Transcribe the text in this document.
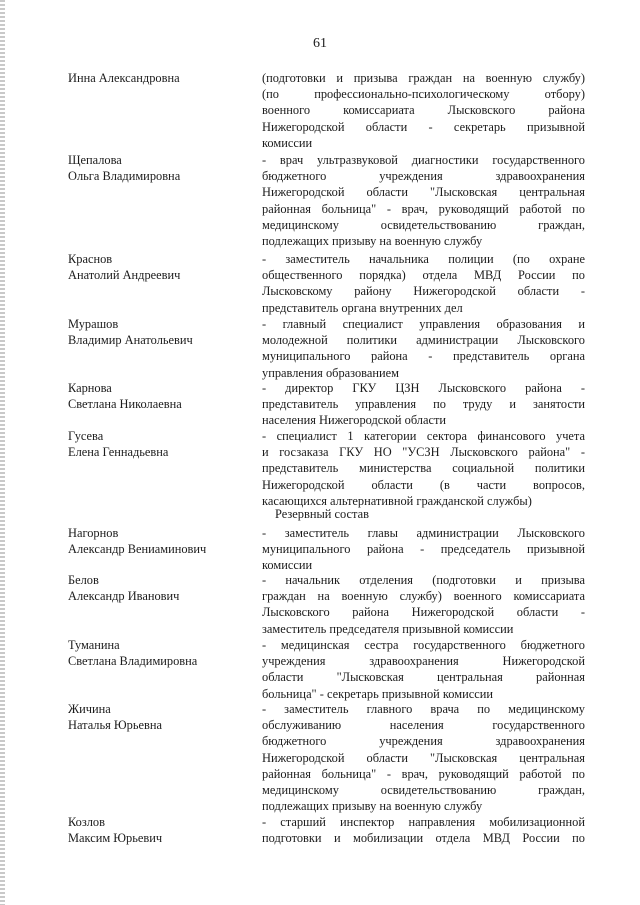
61
Инна Александровна	(подготовки и призыва граждан на военную службу)
(по профессионально-психологическому отбору)
военного комиссариата Лысковского района
Нижегородской области - секретарь призывной
комиссии
Щепалова
Ольга Владимировна
- врач ультразвуковой диагностики государственного
бюджетного учреждения здравоохранения
Нижегородской области "Лысковская центральная
районная больница" - врач, руководящий работой по
медицинскому освидетельствованию граждан,
подлежащих призыву на военную службу
Краснов
Анатолий Андреевич
- заместитель начальника полиции (по охране
общественного порядка) отдела МВД России по
Лысковскому району Нижегородской области -
представитель органа внутренних дел
Мурашов
Владимир Анатольевич
- главный специалист управления образования и
молодежной политики администрации Лысковского
муниципального района - представитель органа
управления образованием
Карнова
Светлана Николаевна
- директор ГКУ ЦЗН Лысковского района -
представитель управления по труду и занятости
населения Нижегородской области
Гусева
Елена Геннадьевна
- специалист 1 категории сектора финансового учета
и госзаказа ГКУ НО "УСЗН Лысковского района" -
представитель министерства социальной политики
Нижегородской области (в части вопросов,
касающихся альтернативной гражданской службы)
Резервный состав
Нагорнов
Александр Вениаминович
- заместитель главы администрации Лысковского
муниципального района - председатель призывной
комиссии
Белов
Александр Иванович
- начальник отделения (подготовки и призыва
граждан на военную службу) военного комиссариата
Лысковского района Нижегородской области -
заместитель председателя призывной комиссии
Туманина
Светлана Владимировна
- медицинская сестра государственного бюджетного
учреждения здравоохранения Нижегородской
области "Лысковская центральная районная
больница" - секретарь призывной комиссии
Жичина
Наталья Юрьевна
- заместитель главного врача по медицинскому
обслуживанию населения государственного
бюджетного учреждения здравоохранения
Нижегородской области "Лысковская центральная
районная больница" - врач, руководящий работой по
медицинскому освидетельствованию граждан,
подлежащих призыву на военную службу
Козлов
Максим Юрьевич
- старший инспектор направления мобилизационной
подготовки и мобилизации отдела МВД России по
